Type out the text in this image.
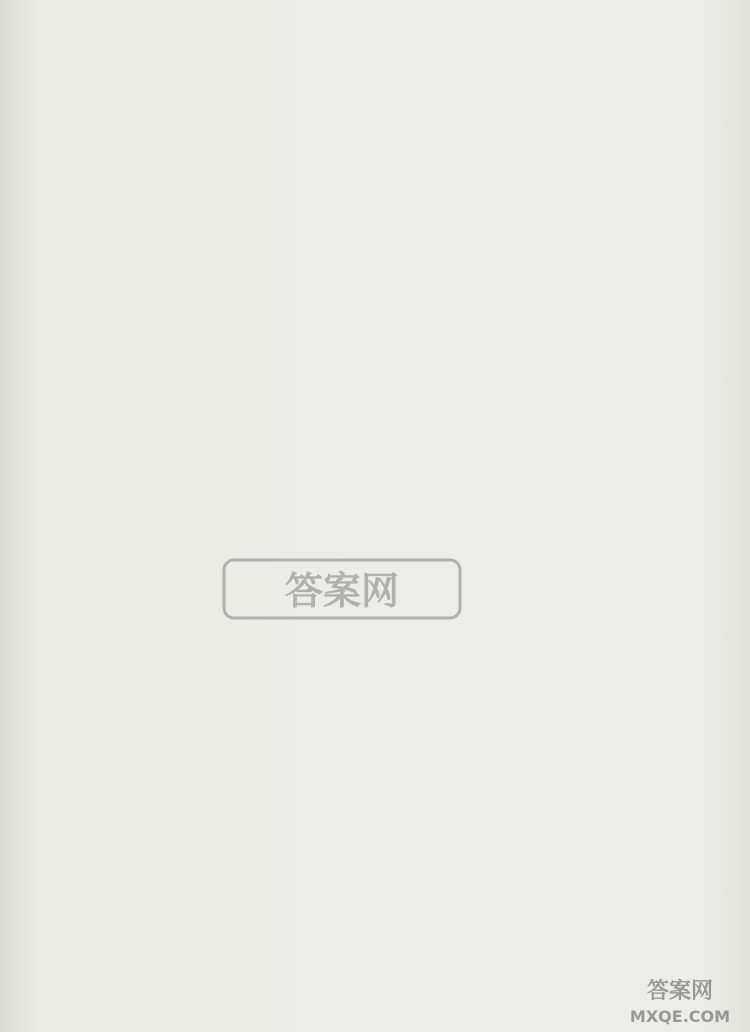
答案网
答案网
MXQE.COM
